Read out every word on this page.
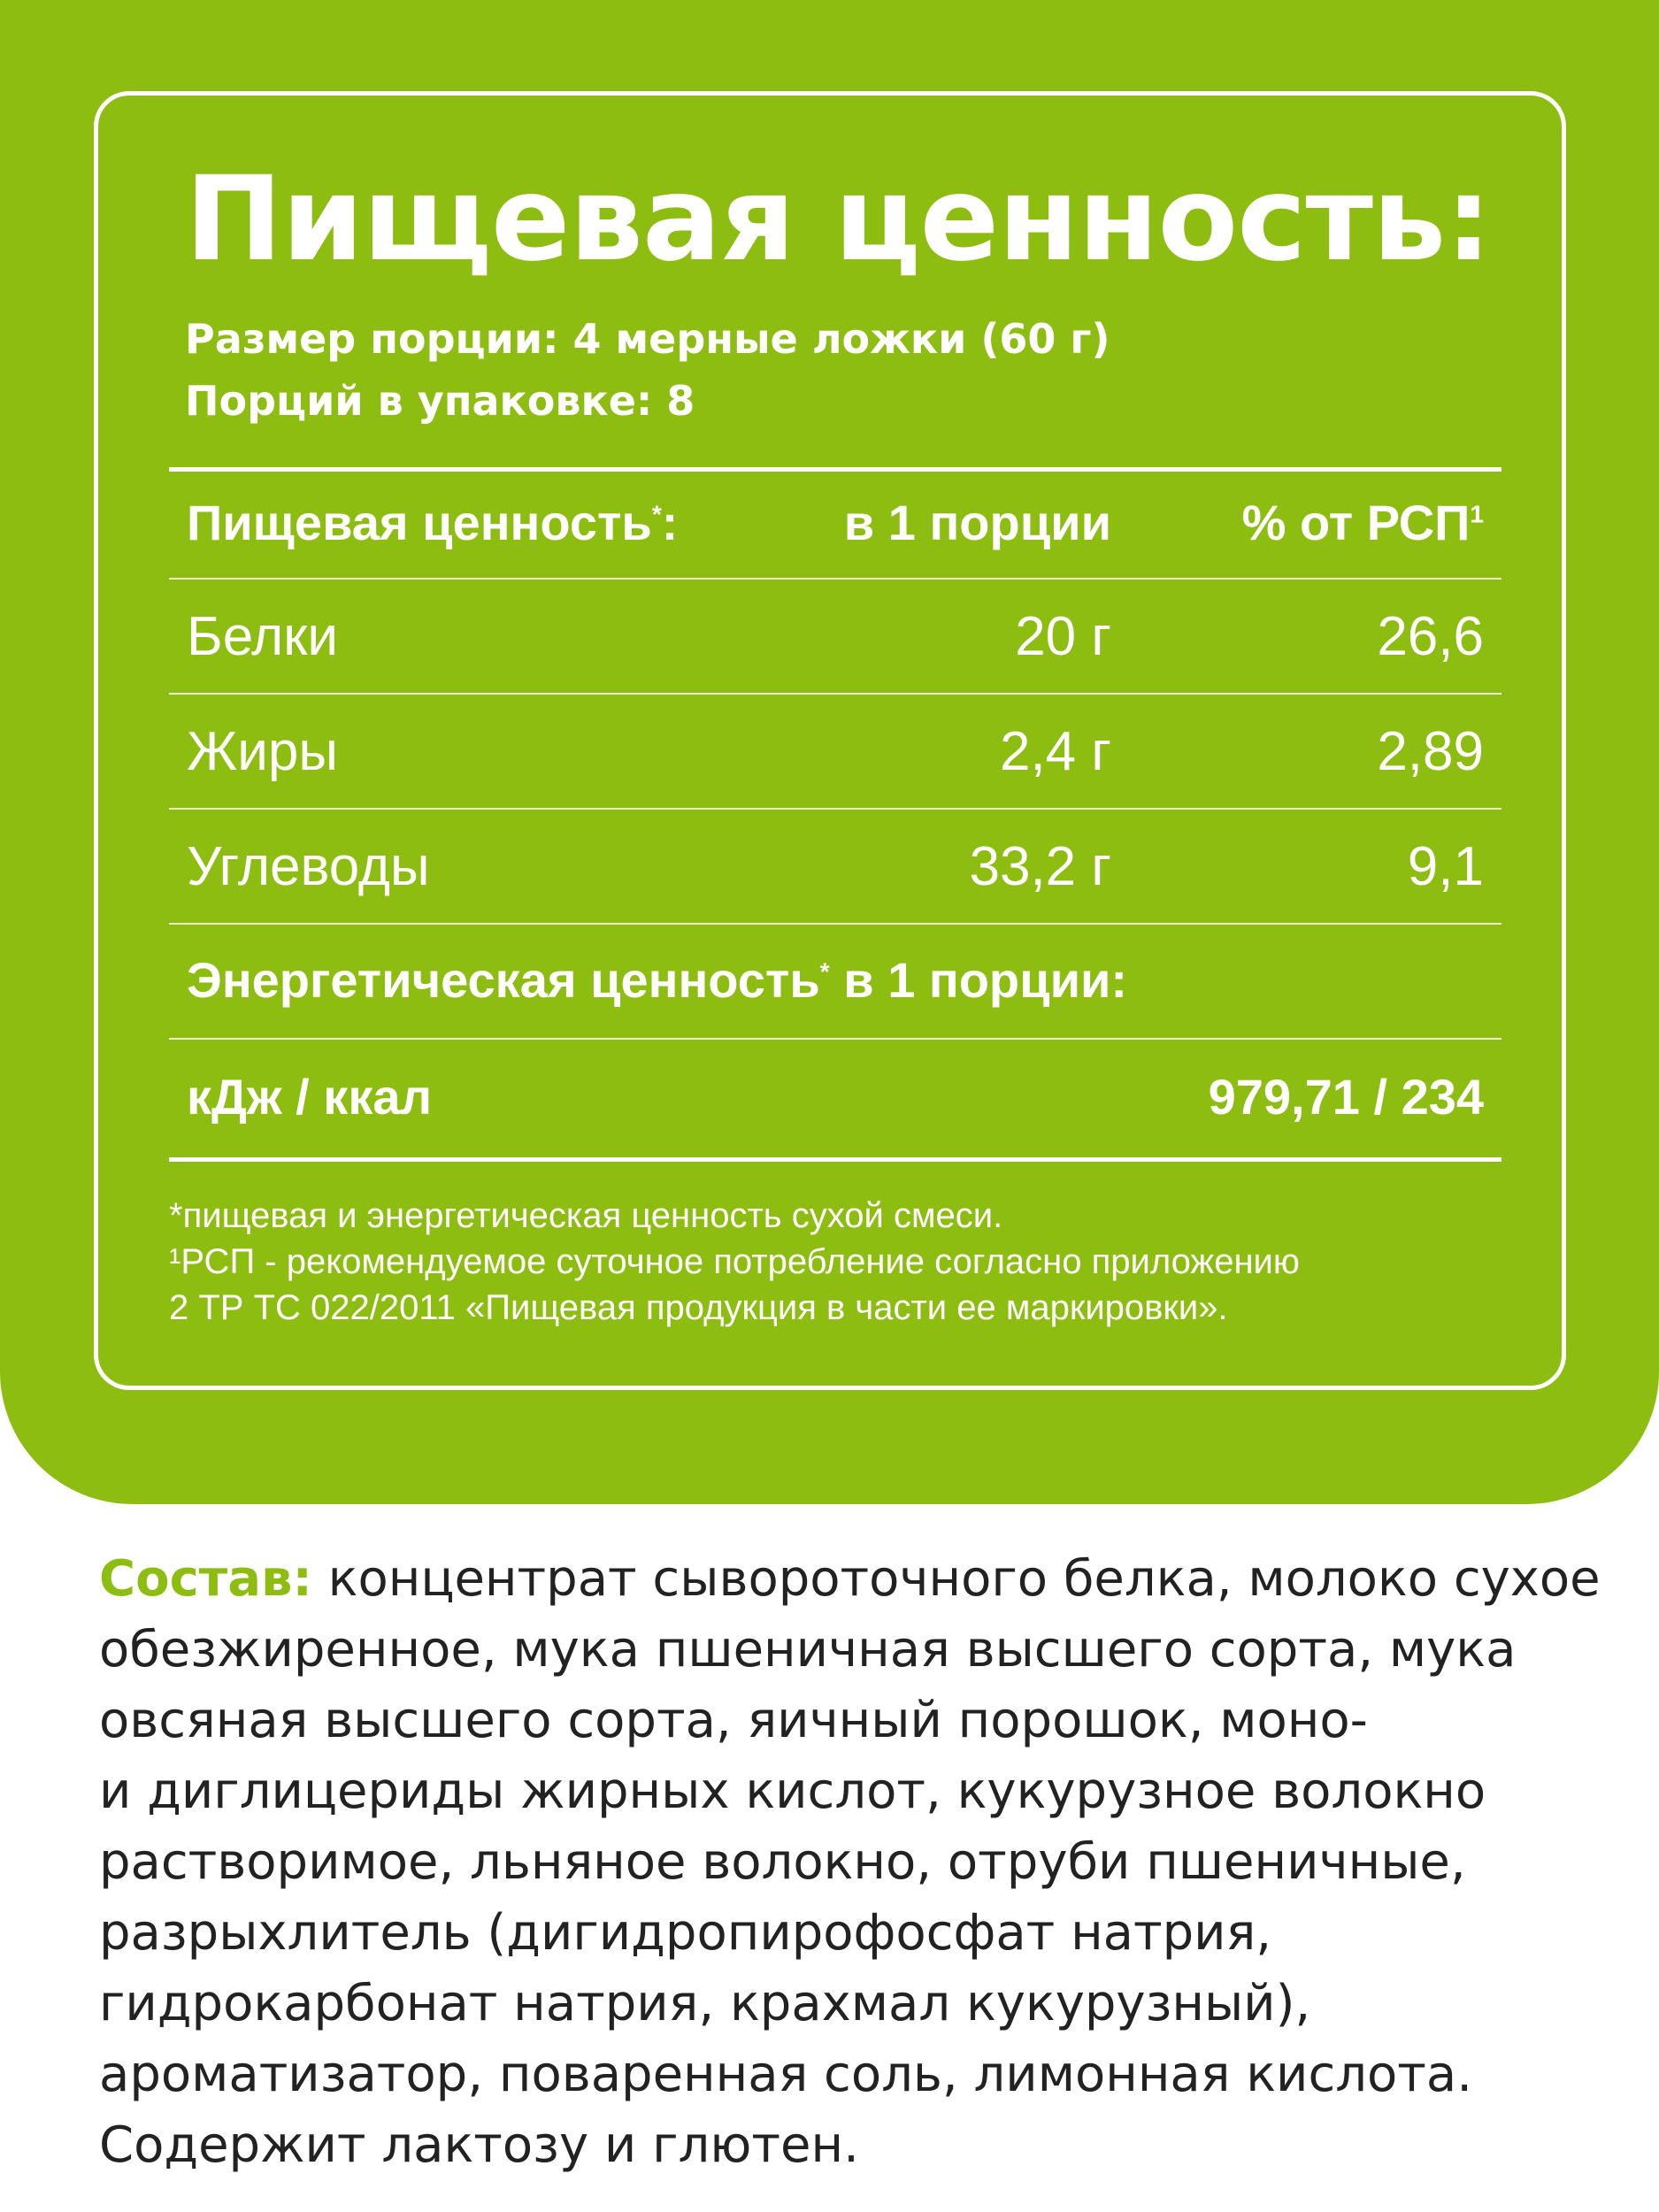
Пищевая ценность:
Размер порции: 4 мерные ложки (60 г)
Порций в упаковке: 8
Пищевая ценность*:	в 1 порции	% от РСП$^1$
Белки	20 г	26,6
Жиры	2,4 г	2,89
Углеводы	33,2 г	9,1
Энергетическая ценность* в 1 порции:
кДж / ккал	979,71 / 234
*пищевая и энергетическая ценность сухой смеси.
¹РСП - рекомендуемое суточное потребление согласно приложению
2 ТР ТС 022/2011 «Пищевая продукция в части ее маркировки».
Состав: концентрат сывороточного белка, молоко сухое
обезжиренное, мука пшеничная высшего сорта, мука
овсяная высшего сорта, яичный порошок, моно-
и диглицериды жирных кислот, кукурузное волокно
растворимое, льняное волокно, отруби пшеничные,
разрыхлитель (дигидропирофосфат натрия,
гидрокарбонат натрия, крахмал кукурузный),
ароматизатор, поваренная соль, лимонная кислота.
Содержит лактозу и глютен.
